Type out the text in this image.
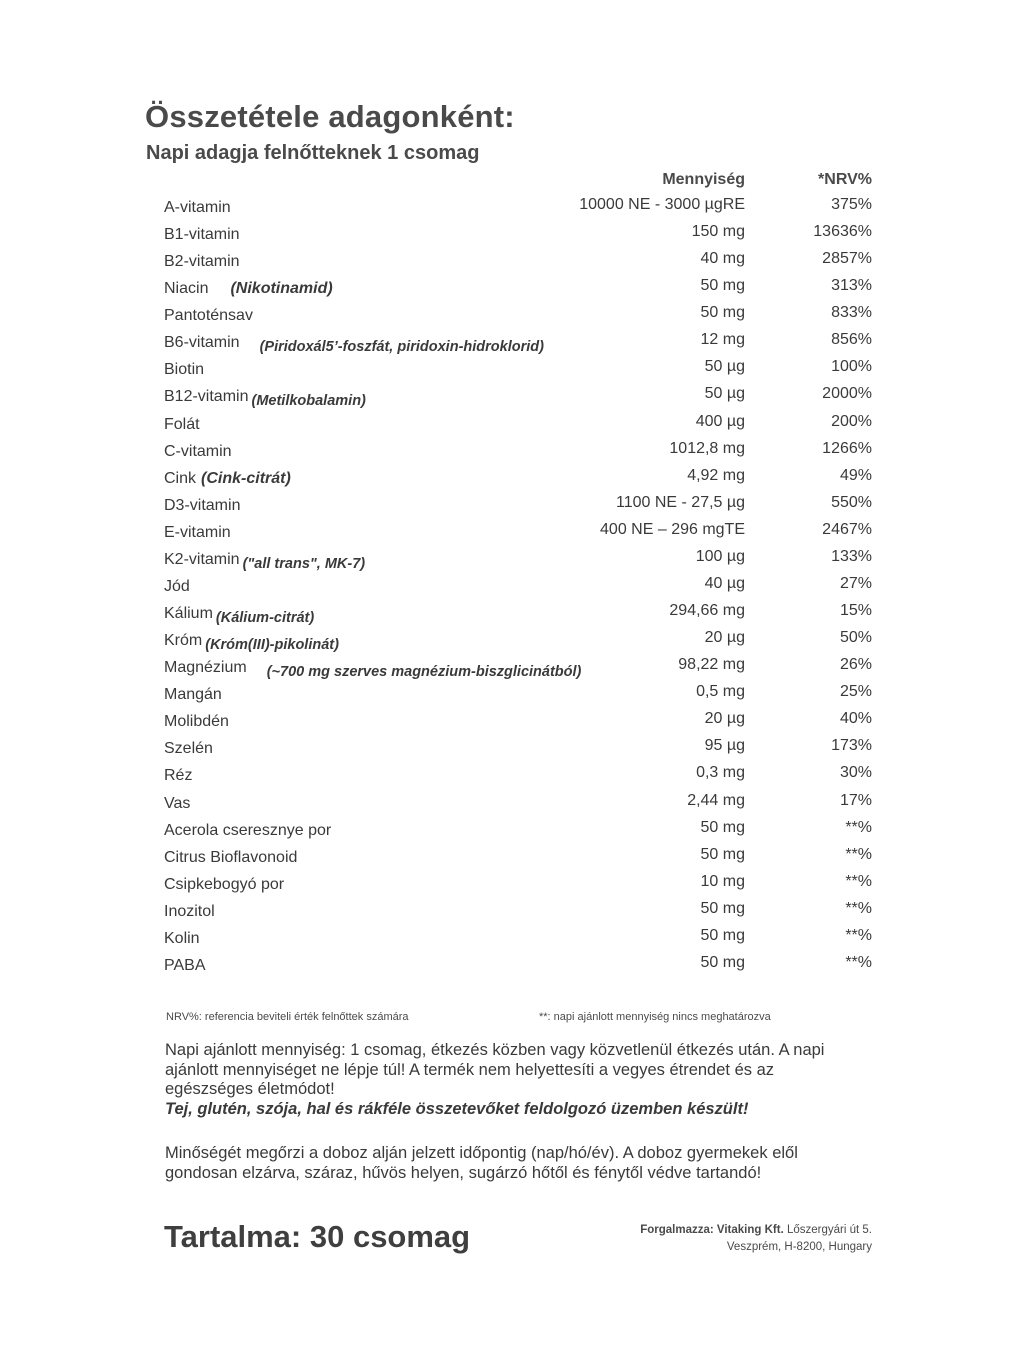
Összetétele adagonként:
Napi adagja felnőtteknek 1 csomag
Mennyiség	*NRV%
A-vitamin	10000 NE - 3000 µgRE	375%
B1-vitamin	150 mg	13636%
B2-vitamin	40 mg	2857%
Niacin (Nikotinamid)	50 mg	313%
Pantoténsav	50 mg	833%
B6-vitamin (Piridoxál5’-foszfát, piridoxin-hidroklorid)	12 mg	856%
Biotin	50 µg	100%
B12-vitamin (Metilkobalamin)	50 µg	2000%
Folát	400 µg	200%
C-vitamin	1012,8 mg	1266%
Cink (Cink-citrát)	4,92 mg	49%
D3-vitamin	1100 NE - 27,5 µg	550%
E-vitamin	400 NE – 296 mgTE	2467%
K2-vitamin ("all trans", MK-7)	100 µg	133%
Jód	40 µg	27%
Kálium (Kálium-citrát)	294,66 mg	15%
Króm (Króm(III)-pikolinát)	20 µg	50%
Magnézium (~700 mg szerves magnézium-biszglicinátból)	98,22 mg	26%
Mangán	0,5 mg	25%
Molibdén	20 µg	40%
Szelén	95 µg	173%
Réz	0,3 mg	30%
Vas	2,44 mg	17%
Acerola cseresznye por	50 mg	**%
Citrus Bioflavonoid	50 mg	**%
Csipkebogyó por	10 mg	**%
Inozitol	50 mg	**%
Kolin	50 mg	**%
PABA	50 mg	**%
NRV%: referencia beviteli érték felnőttek számára	**: napi ajánlott mennyiség nincs meghatározva
Napi ajánlott mennyiség: 1 csomag, étkezés közben vagy közvetlenül étkezés után. A napi ajánlott mennyiséget ne lépje túl! A termék nem helyettesíti a vegyes étrendet és az egészséges életmódot!
Tej, glutén, szója, hal és rákféle összetevőket feldolgozó üzemben készült!
Minőségét megőrzi a doboz alján jelzett időpontig (nap/hó/év). A doboz gyermekek elől gondosan elzárva, száraz, hűvös helyen, sugárzó hőtől és fénytől védve tartandó!
Tartalma: 30 csomag	Forgalmazza: Vitaking Kft. Lőszergyári út 5.
Veszprém, H-8200, Hungary
